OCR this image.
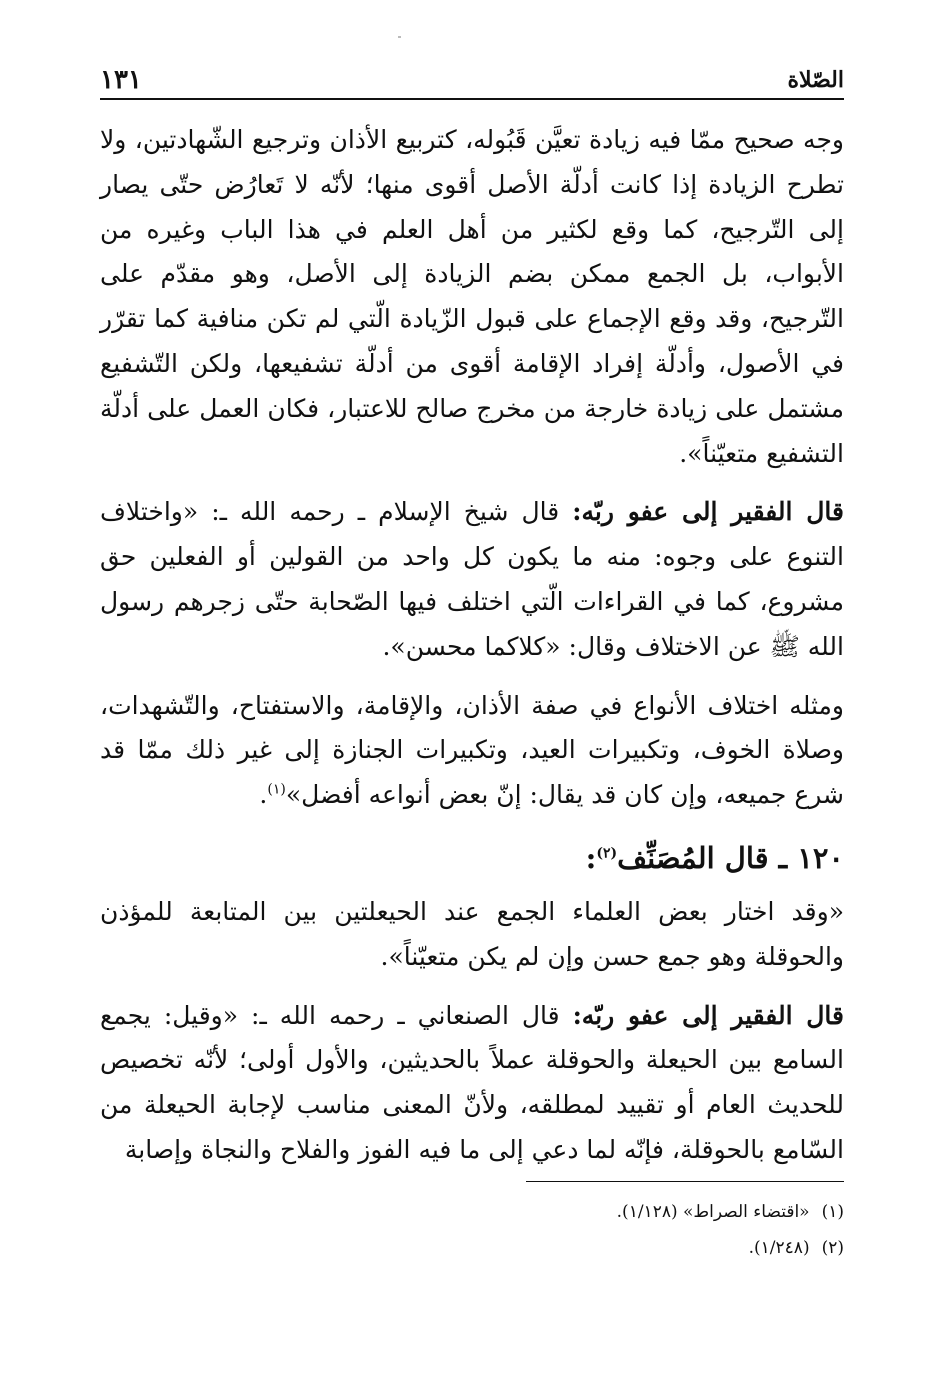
الصّلاة
١٣١

وجه صحيح ممّا فيه زيادة تعيَّن قَبُوله، كتربيع الأذان وترجيع الشّهادتين، ولا تطرح الزيادة إذا كانت أدلّة الأصل أقوى منها؛ لأنّه لا تَعارُض حتّى يصار إلى التّرجيح، كما وقع لكثير من أهل العلم في هذا الباب وغيره من الأبواب، بل الجمع ممكن بضم الزيادة إلى الأصل، وهو مقدّم على التّرجيح، وقد وقع الإجماع على قبول الزّيادة الّتي لم تكن منافية كما تقرّر في الأصول، وأدلّة إفراد الإقامة أقوى من أدلّة تشفيعها، ولكن التّشفيع مشتمل على زيادة خارجة من مخرج صالح للاعتبار، فكان العمل على أدلّة التشفيع متعيّناً».

قال الفقير إلى عفو ربّه: قال شيخ الإسلام ـ رحمه الله ـ: «واختلاف التنوع على وجوه: منه ما يكون كل واحد من القولين أو الفعلين حق مشروع، كما في القراءات الّتي اختلف فيها الصّحابة حتّى زجرهم رسول الله ﷺ عن الاختلاف وقال: «كلاكما محسن».

ومثله اختلاف الأنواع في صفة الأذان، والإقامة، والاستفتاح، والتّشهدات، وصلاة الخوف، وتكبيرات العيد، وتكبيرات الجنازة إلى غير ذلك ممّا قد شرع جميعه، وإن كان قد يقال: إنّ بعض أنواعه أفضل»$^{(١)}$.

١٢٠ ـ قال المُصَنِّف$^{(٢)}$:

«وقد اختار بعض العلماء الجمع عند الحيعلتين بين المتابعة للمؤذن والحوقلة وهو جمع حسن وإن لم يكن متعيّناً».

قال الفقير إلى عفو ربّه: قال الصنعاني ـ رحمه الله ـ: «وقيل: يجمع السامع بين الحيعلة والحوقلة عملاً بالحديثين، والأول أولى؛ لأنّه تخصيص للحديث العام أو تقييد لمطلقه، ولأنّ المعنى مناسب لإجابة الحيعلة من السّامع بالحوقلة، فإنّه لما دعي إلى ما فيه الفوز والفلاح والنجاة وإصابة

(١)
«اقتضاء الصراط» (١/١٢٨).
(٢)
(١/٢٤٨).
